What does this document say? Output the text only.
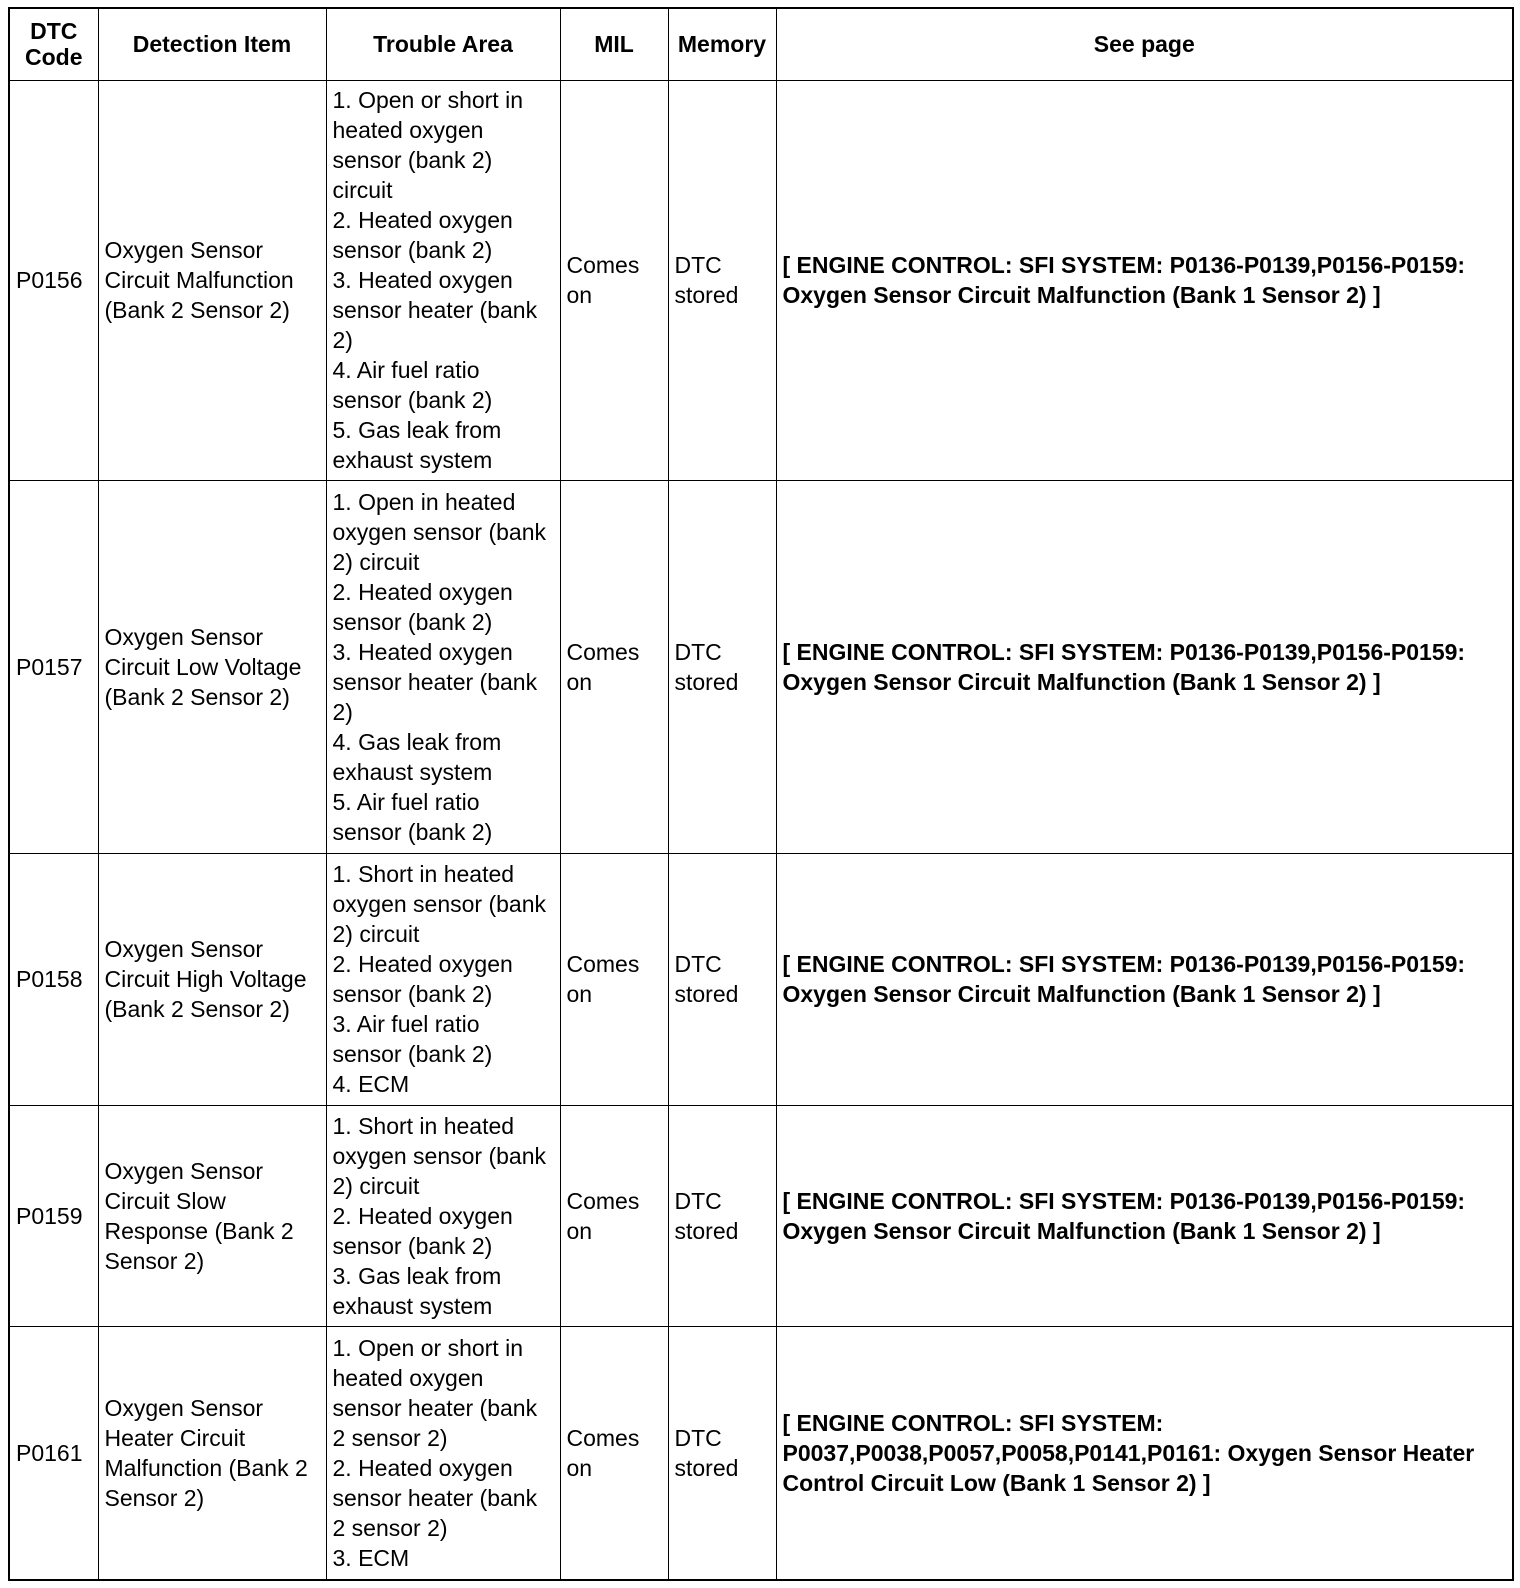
DTC Code	Detection Item	Trouble Area	MIL	Memory	See page
P0156	Oxygen Sensor Circuit Malfunction (Bank 2 Sensor 2)	1. Open or short in heated oxygen sensor (bank 2) circuit
2. Heated oxygen sensor (bank 2)
3. Heated oxygen sensor heater (bank 2)
4. Air fuel ratio sensor (bank 2)
5. Gas leak from exhaust system	Comes on	DTC stored	[ ENGINE CONTROL: SFI SYSTEM: P0136-P0139,P0156-P0159: Oxygen Sensor Circuit Malfunction (Bank 1 Sensor 2) ]
P0157	Oxygen Sensor Circuit Low Voltage (Bank 2 Sensor 2)	1. Open in heated oxygen sensor (bank 2) circuit
2. Heated oxygen sensor (bank 2)
3. Heated oxygen sensor heater (bank 2)
4. Gas leak from exhaust system
5. Air fuel ratio sensor (bank 2)	Comes on	DTC stored	[ ENGINE CONTROL: SFI SYSTEM: P0136-P0139,P0156-P0159: Oxygen Sensor Circuit Malfunction (Bank 1 Sensor 2) ]
P0158	Oxygen Sensor Circuit High Voltage (Bank 2 Sensor 2)	1. Short in heated oxygen sensor (bank 2) circuit
2. Heated oxygen sensor (bank 2)
3. Air fuel ratio sensor (bank 2)
4. ECM	Comes on	DTC stored	[ ENGINE CONTROL: SFI SYSTEM: P0136-P0139,P0156-P0159: Oxygen Sensor Circuit Malfunction (Bank 1 Sensor 2) ]
P0159	Oxygen Sensor Circuit Slow Response (Bank 2 Sensor 2)	1. Short in heated oxygen sensor (bank 2) circuit
2. Heated oxygen sensor (bank 2)
3. Gas leak from exhaust system	Comes on	DTC stored	[ ENGINE CONTROL: SFI SYSTEM: P0136-P0139,P0156-P0159: Oxygen Sensor Circuit Malfunction (Bank 1 Sensor 2) ]
P0161	Oxygen Sensor Heater Circuit Malfunction (Bank 2 Sensor 2)	1. Open or short in heated oxygen sensor heater (bank 2 sensor 2)
2. Heated oxygen sensor heater (bank 2 sensor 2)
3. ECM	Comes on	DTC stored	[ ENGINE CONTROL: SFI SYSTEM: P0037,P0038,P0057,P0058,P0141,P0161: Oxygen Sensor Heater Control Circuit Low (Bank 1 Sensor 2) ]
